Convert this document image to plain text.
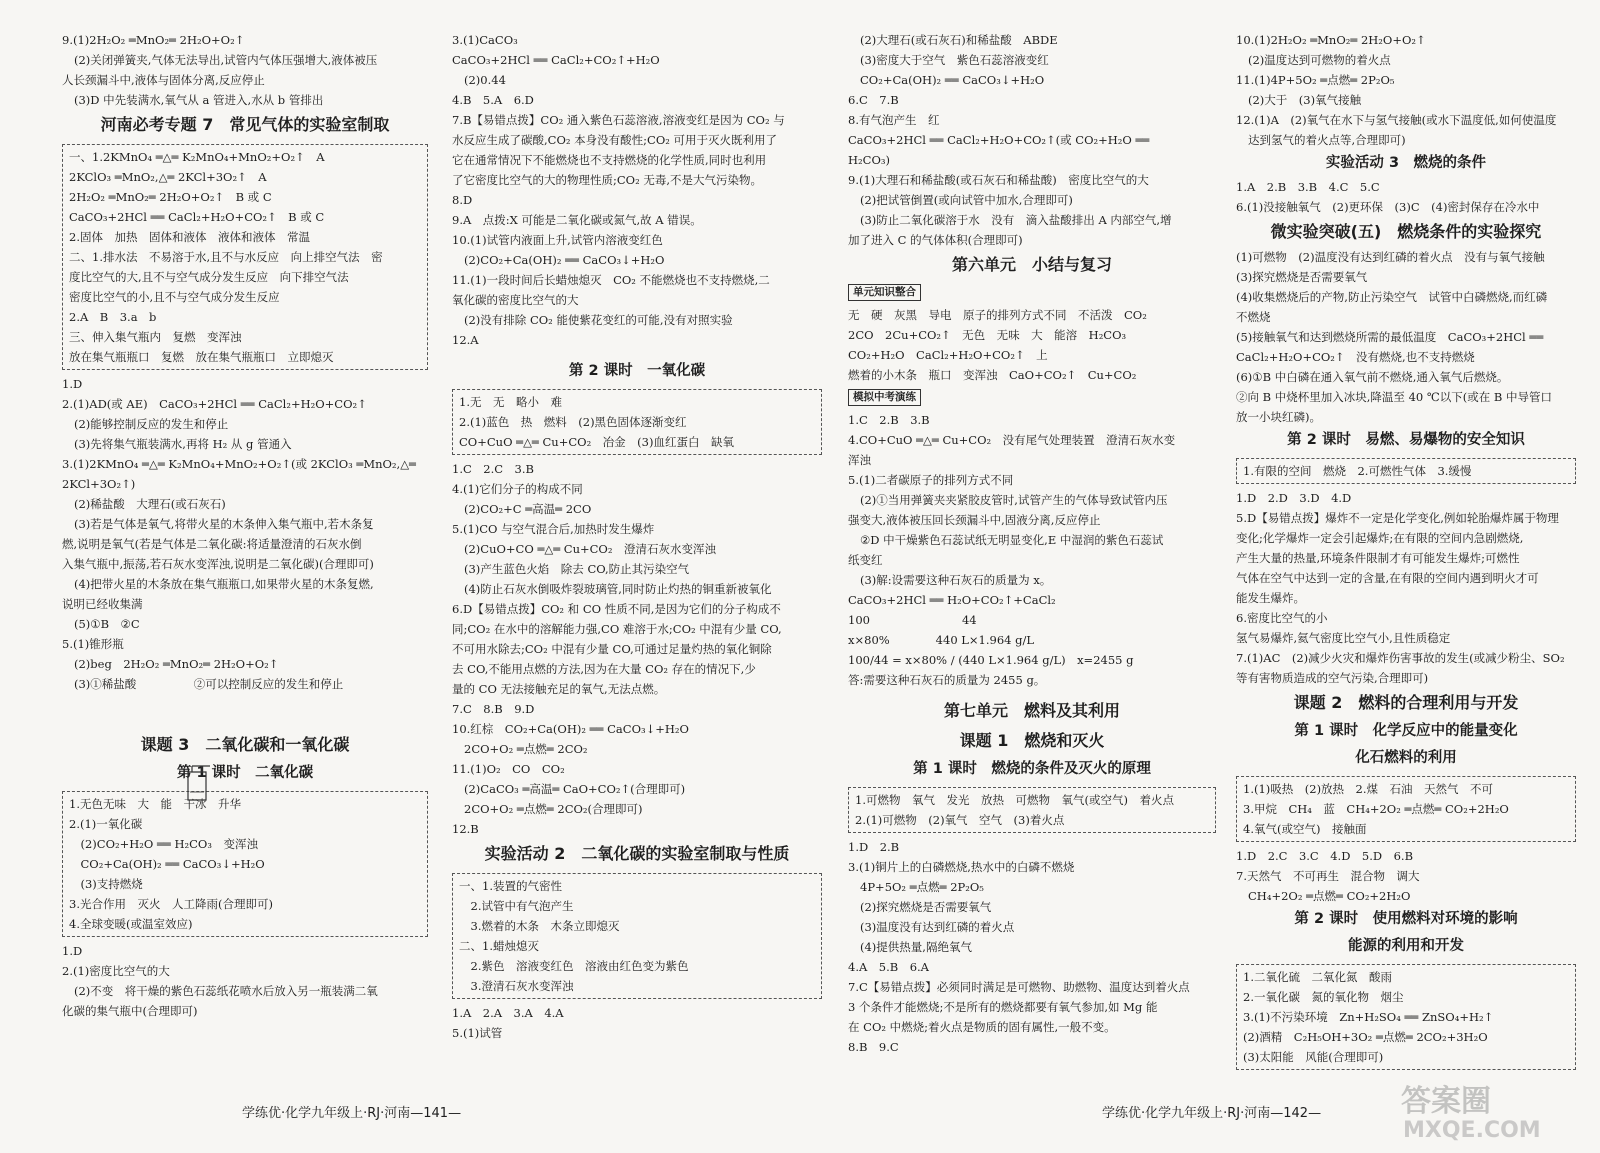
9.(1)2H₂O₂ ═MnO₂═ 2H₂O+O₂↑
(2)关闭弹簧夹,气体无法导出,试管内气体压强增大,液体被压
人长颈漏斗中,液体与固体分离,反应停止
(3)D 中先装满水,氧气从 a 管进入,水从 b 管排出
河南必考专题 7　常见气体的实验室制取
一、1.2KMnO₄ ═△═ K₂MnO₄+MnO₂+O₂↑　A
2KClO₃ ═MnO₂,△═ 2KCl+3O₂↑　A
2H₂O₂ ═MnO₂═ 2H₂O+O₂↑　B 或 C
CaCO₃+2HCl ══ CaCl₂+H₂O+CO₂↑　B 或 C
2.固体　加热　固体和液体　液体和液体　常温
二、1.排水法　不易溶于水,且不与水反应　向上排空气法　密
度比空气的大,且不与空气成分发生反应　向下排空气法
密度比空气的小,且不与空气成分发生反应
2.A　B　3.a　b
三、伸入集气瓶内　复燃　变浑浊
放在集气瓶瓶口　复燃　放在集气瓶瓶口　立即熄灭
1.D
2.(1)AD(或 AE)　CaCO₃+2HCl ══ CaCl₂+H₂O+CO₂↑
(2)能够控制反应的发生和停止
(3)先将集气瓶装满水,再将 H₂ 从 g 管通入
3.(1)2KMnO₄ ═△═ K₂MnO₄+MnO₂+O₂↑(或 2KClO₃ ═MnO₂,△═
2KCl+3O₂↑)
(2)稀盐酸　大理石(或石灰石)
(3)若是气体是氧气,将带火星的木条伸入集气瓶中,若木条复
燃,说明是氧气(若是气体是二氧化碳:将适量澄清的石灰水倒
入集气瓶中,振荡,若石灰水变浑浊,说明是二氧化碳)(合理即可)
(4)把带火星的木条放在集气瓶瓶口,如果带火星的木条复燃,
说明已经收集满
(5)①B　②C
5.(1)锥形瓶
(2)beg　2H₂O₂ ═MnO₂═ 2H₂O+O₂↑
(3)①稀盐酸　　　　　②可以控制反应的发生和停止
课题 3　二氧化碳和一氧化碳
第 1 课时　二氧化碳
1.无色无味　大　能　干冰　升华
2.(1)一氧化碳
　(2)CO₂+H₂O ══ H₂CO₃　变浑浊
　CO₂+Ca(OH)₂ ══ CaCO₃↓+H₂O
　(3)支持燃烧
3.光合作用　灭火　人工降雨(合理即可)
4.全球变暖(或温室效应)
1.D
2.(1)密度比空气的大
(2)不变　将干燥的紫色石蕊纸花喷水后放入另一瓶装满二氧
化碳的集气瓶中(合理即可)
3.(1)CaCO₃
CaCO₃+2HCl ══ CaCl₂+CO₂↑+H₂O
(2)0.44
4.B　5.A　6.D
7.B【易错点拨】CO₂ 通入紫色石蕊溶液,溶液变红是因为 CO₂ 与
水反应生成了碳酸,CO₂ 本身没有酸性;CO₂ 可用于灭火既利用了
它在通常情况下不能燃烧也不支持燃烧的化学性质,同时也利用
了它密度比空气的大的物理性质;CO₂ 无毒,不是大气污染物。
8.D
9.A　点拨:X 可能是二氧化碳或氮气,故 A 错误。
10.(1)试管内液面上升,试管内溶液变红色
(2)CO₂+Ca(OH)₂ ══ CaCO₃↓+H₂O
11.(1)一段时间后长蜡烛熄灭　CO₂ 不能燃烧也不支持燃烧,二
氧化碳的密度比空气的大
(2)没有排除 CO₂ 能使紫花变红的可能,没有对照实验
12.A
第 2 课时　一氧化碳
1.无　无　略小　难
2.(1)蓝色　热　燃料　(2)黑色固体逐渐变红
CO+CuO ═△═ Cu+CO₂　冶金　(3)血红蛋白　缺氧
1.C　2.C　3.B
4.(1)它们分子的构成不同
(2)CO₂+C ═高温═ 2CO
5.(1)CO 与空气混合后,加热时发生爆炸
(2)CuO+CO ═△═ Cu+CO₂　澄清石灰水变浑浊
(3)产生蓝色火焰　除去 CO,防止其污染空气
(4)防止石灰水倒吸炸裂玻璃管,同时防止灼热的铜重新被氧化
6.D【易错点拨】CO₂ 和 CO 性质不同,是因为它们的分子构成不
同;CO₂ 在水中的溶解能力强,CO 难溶于水;CO₂ 中混有少量 CO,
不可用水除去;CO₂ 中混有少量 CO,可通过足量灼热的氧化铜除
去 CO,不能用点燃的方法,因为在大量 CO₂ 存在的情况下,少
量的 CO 无法接触充足的氧气,无法点燃。
7.C　8.B　9.D
10.红棕　CO₂+Ca(OH)₂ ══ CaCO₃↓+H₂O
2CO+O₂ ═点燃═ 2CO₂
11.(1)O₂　CO　CO₂
(2)CaCO₃ ═高温═ CaO+CO₂↑(合理即可)
2CO+O₂ ═点燃═ 2CO₂(合理即可)
12.B
实验活动 2　二氧化碳的实验室制取与性质
一、1.装置的气密性
　2.试管中有气泡产生
　3.燃着的木条　木条立即熄灭
二、1.蜡烛熄灭
　2.紫色　溶液变红色　溶液由红色变为紫色
　3.澄清石灰水变浑浊
1.A　2.A　3.A　4.A
5.(1)试管
(2)大理石(或石灰石)和稀盐酸　ABDE
(3)密度大于空气　紫色石蕊溶液变红
CO₂+Ca(OH)₂ ══ CaCO₃↓+H₂O
6.C　7.B
8.有气泡产生　红
CaCO₃+2HCl ══ CaCl₂+H₂O+CO₂↑(或 CO₂+H₂O ══
H₂CO₃)
9.(1)大理石和稀盐酸(或石灰石和稀盐酸)　密度比空气的大
(2)把试管倒置(或向试管中加水,合理即可)
(3)防止二氧化碳溶于水　没有　滴入盐酸排出 A 内部空气,增
加了进入 C 的气体体积(合理即可)
第六单元　小结与复习
单元知识整合
无　硬　灰黑　导电　原子的排列方式不同　不活泼　CO₂
2CO　2Cu+CO₂↑　无色　无味　大　能溶　H₂CO₃
CO₂+H₂O　CaCl₂+H₂O+CO₂↑　上
燃着的小木条　瓶口　变浑浊　CaO+CO₂↑　Cu+CO₂
模拟中考演练
1.C　2.B　3.B
4.CO+CuO ═△═ Cu+CO₂　没有尾气处理装置　澄清石灰水变
浑浊
5.(1)二者碳原子的排列方式不同
(2)①当用弹簧夹夹紧胶皮管时,试管产生的气体导致试管内压
强变大,液体被压回长颈漏斗中,固液分离,反应停止
②D 中干燥紫色石蕊试纸无明显变化,E 中湿润的紫色石蕊试
纸变红
(3)解:设需要这种石灰石的质量为 x。
CaCO₃+2HCl ══ H₂O+CO₂↑+CaCl₂
100　　　　　　　　44
x×80%　　　　440 L×1.964 g/L
100/44 = x×80% / (440 L×1.964 g/L)　x=2455 g
答:需要这种石灰石的质量为 2455 g。
第七单元　燃料及其利用
课题 1　燃烧和灭火
第 1 课时　燃烧的条件及灭火的原理
1.可燃物　氧气　发光　放热　可燃物　氧气(或空气)　着火点
2.(1)可燃物　(2)氧气　空气　(3)着火点
1.D　2.B
3.(1)铜片上的白磷燃烧,热水中的白磷不燃烧
4P+5O₂ ═点燃═ 2P₂O₅
(2)探究燃烧是否需要氧气
(3)温度没有达到红磷的着火点
(4)提供热量,隔绝氧气
4.A　5.B　6.A
7.C【易错点拨】必须同时满足是可燃物、助燃物、温度达到着火点
3 个条件才能燃烧;不是所有的燃烧都要有氧气参加,如 Mg 能
在 CO₂ 中燃烧;着火点是物质的固有属性,一般不变。
8.B　9.C
10.(1)2H₂O₂ ═MnO₂═ 2H₂O+O₂↑
(2)温度达到可燃物的着火点
11.(1)4P+5O₂ ═点燃═ 2P₂O₅
(2)大于　(3)氧气接触
12.(1)A　(2)氧气在水下与氢气接触(或水下温度低,如何使温度
达到氢气的着火点等,合理即可)
实验活动 3　燃烧的条件
1.A　2.B　3.B　4.C　5.C
6.(1)没接触氧气　(2)更环保　(3)C　(4)密封保存在冷水中
微实验突破(五)　燃烧条件的实验探究
(1)可燃物　(2)温度没有达到红磷的着火点　没有与氧气接触
(3)探究燃烧是否需要氧气
(4)收集燃烧后的产物,防止污染空气　试管中白磷燃烧,而红磷
不燃烧
(5)接触氧气和达到燃烧所需的最低温度　CaCO₃+2HCl ══
CaCl₂+H₂O+CO₂↑　没有燃烧,也不支持燃烧
(6)①B 中白磷在通入氧气前不燃烧,通入氧气后燃烧。
②向 B 中烧杯里加入冰块,降温至 40 ℃以下(或在 B 中导管口
放一小块红磷)。
第 2 课时　易燃、易爆物的安全知识
1.有限的空间　燃烧　2.可燃性气体　3.缓慢
1.D　2.D　3.D　4.D
5.D【易错点拨】爆炸不一定是化学变化,例如轮胎爆炸属于物理
变化;化学爆炸一定会引起爆炸;在有限的空间内急剧燃烧,
产生大量的热量,环境条件限制才有可能发生爆炸;可燃性
气体在空气中达到一定的含量,在有限的空间内遇到明火才可
能发生爆炸。
6.密度比空气的小
氢气易爆炸,氦气密度比空气小,且性质稳定
7.(1)AC　(2)减少火灾和爆炸伤害事故的发生(或减少粉尘、SO₂
等有害物质造成的空气污染,合理即可)
课题 2　燃料的合理利用与开发
第 1 课时　化学反应中的能量变化
化石燃料的利用
1.(1)吸热　(2)放热　2.煤　石油　天然气　不可
3.甲烷　CH₄　蓝　CH₄+2O₂ ═点燃═ CO₂+2H₂O
4.氧气(或空气)　接触面
1.D　2.C　3.C　4.D　5.D　6.B
7.天然气　不可再生　混合物　调大
CH₄+2O₂ ═点燃═ CO₂+2H₂O
第 2 课时　使用燃料对环境的影响
能源的利用和开发
1.二氧化硫　二氧化氮　酸雨
2.一氧化碳　氮的氧化物　烟尘
3.(1)不污染环境　Zn+H₂SO₄ ══ ZnSO₄+H₂↑
(2)酒精　C₂H₅OH+3O₂ ═点燃═ 2CO₂+3H₂O
(3)太阳能　风能(合理即可)
学练优·化学九年级上·RJ·河南—141—	学练优·化学九年级上·RJ·河南—142—	答案圈
MXQE.COM
